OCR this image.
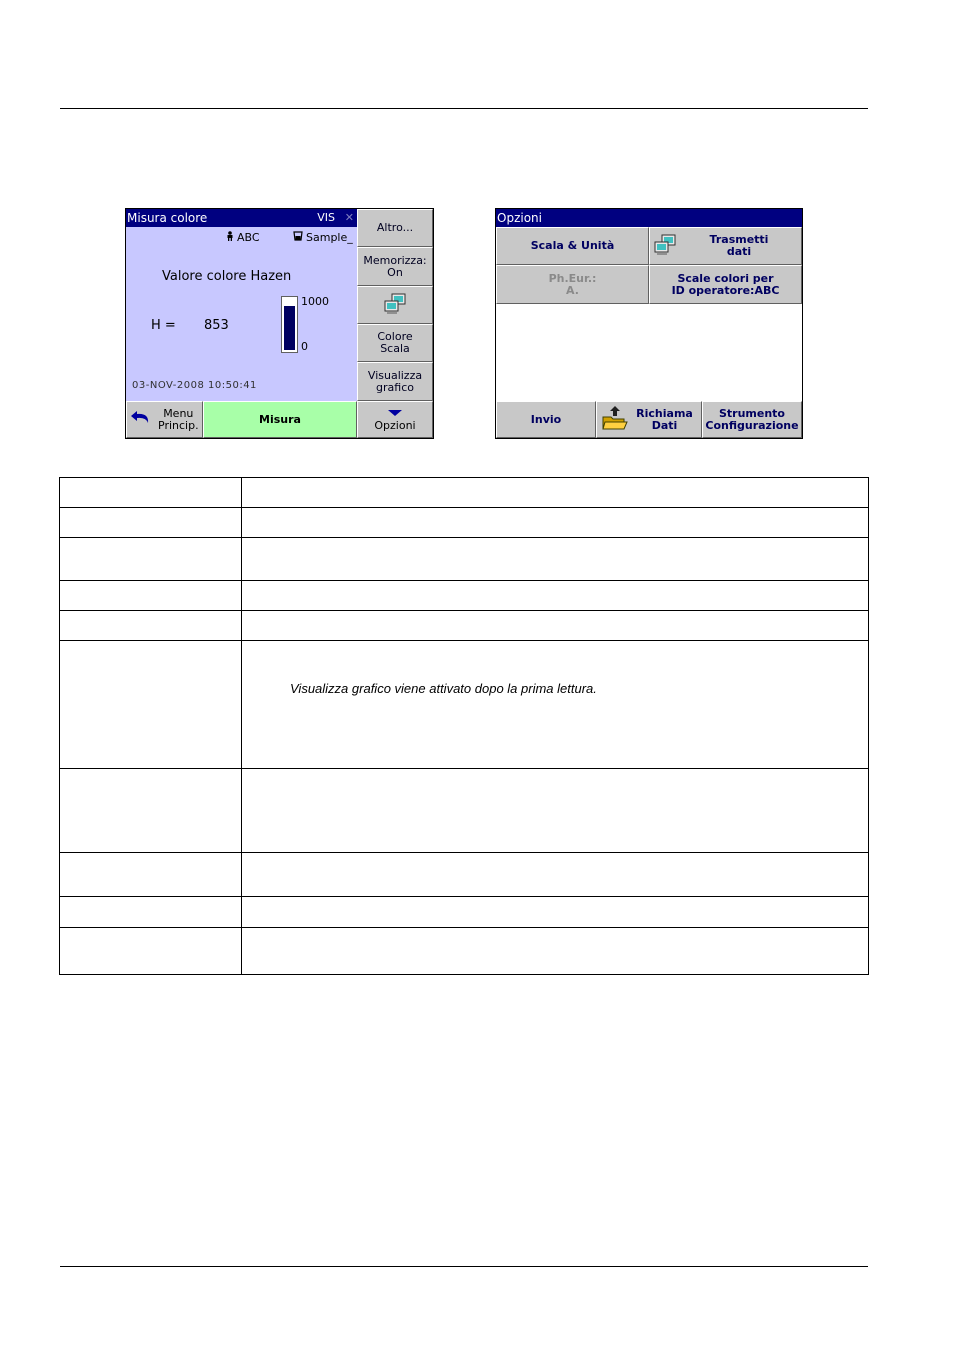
Misura colore	VIS ✕
ABC	Sample_
Valore colore Hazen
H = 853
1000
0
03-NOV-2008 10:50:41
Altro...
Memorizza:
On
Colore
Scala
Visualizza
grafico
Menu
Princip.	Misura	Opzioni
Opzioni
Scala & Unità	Trasmetti
dati
Ph.Eur.:
A.
Scale colori per
ID operatore:ABC
Invio	Richiama
Dati
Strumento
Configurazione

	Visualizza grafico viene attivato dopo la prima lettura.
